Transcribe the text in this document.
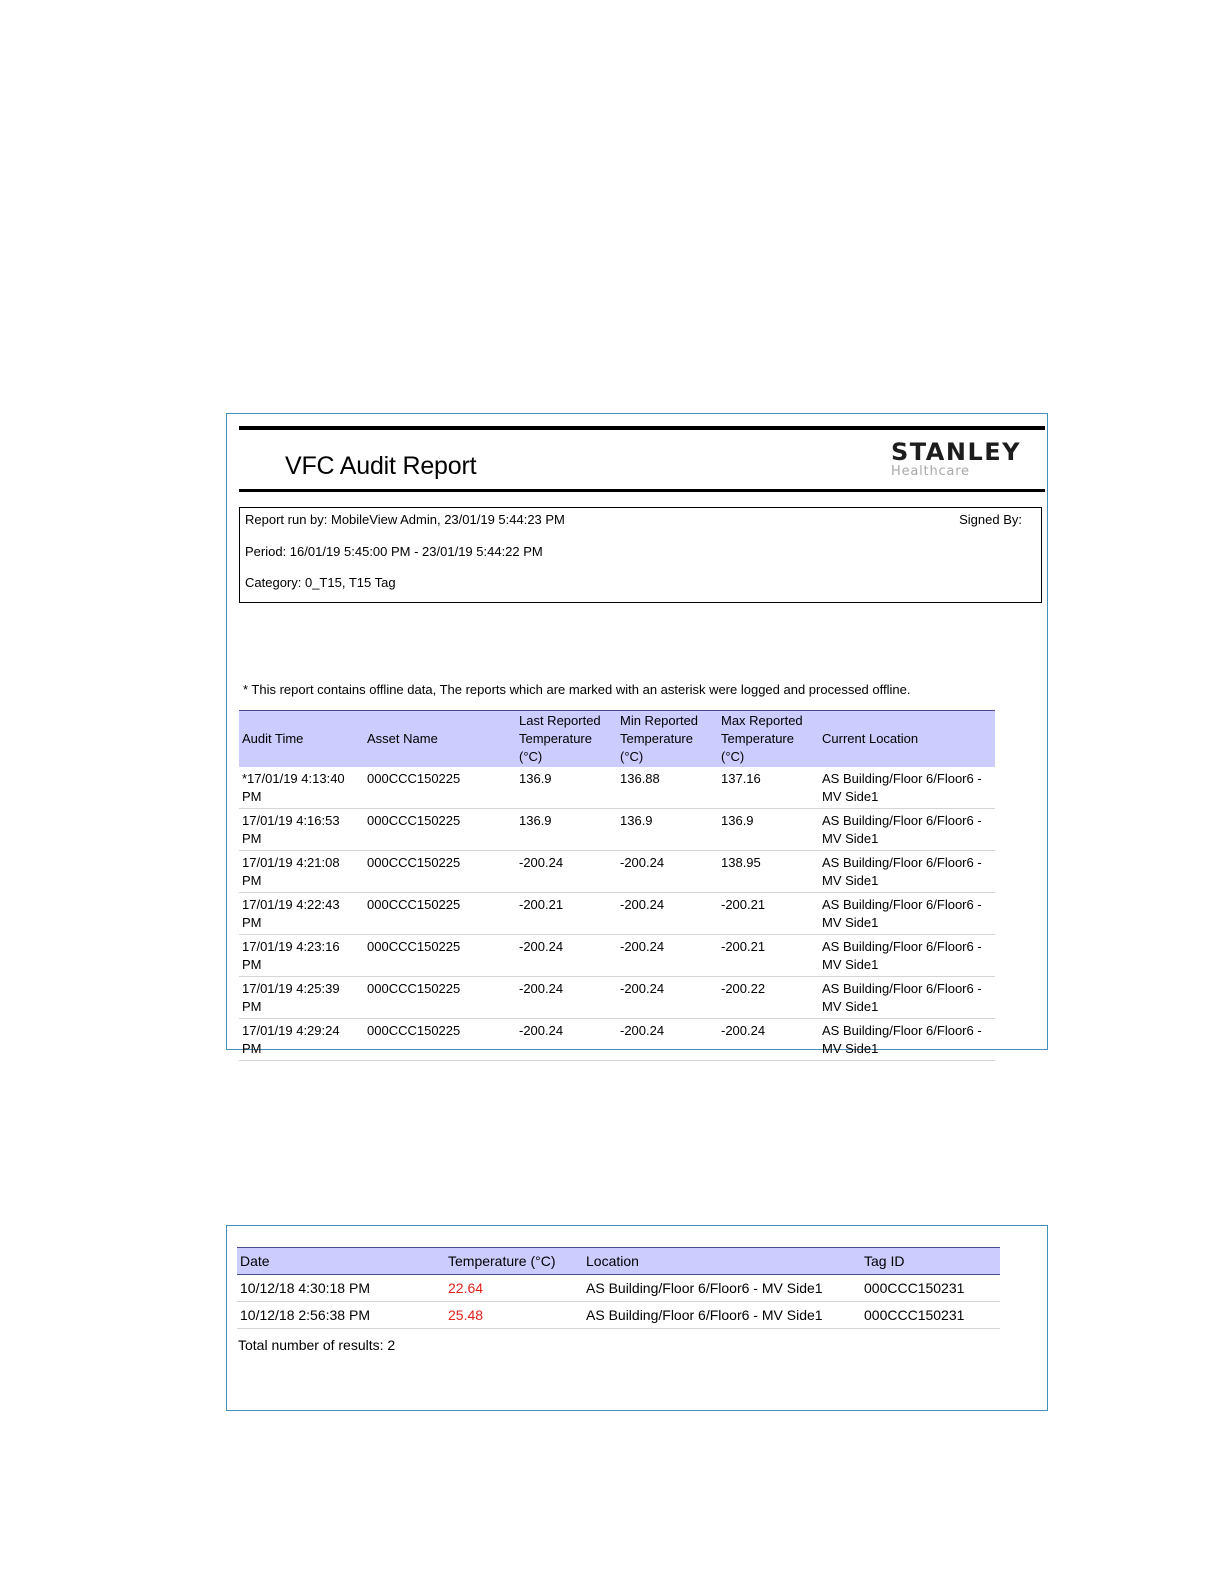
VFC Audit Report	STANLEY
Healthcare
Report run by: MobileView Admin, 23/01/19 5:44:23 PM	Signed By:
Period: 16/01/19 5:45:00 PM - 23/01/19 5:44:22 PM
Category: 0_T15, T15 Tag
* This report contains offline data, The reports which are marked with an asterisk were logged and processed offline.
Audit Time	Asset Name	Last Reported Temperature (°C)	Min Reported Temperature (°C)	Max Reported Temperature (°C)	Current Location
*17/01/19 4:13:40 PM	000CCC150225	136.9	136.88	137.16	AS Building/Floor 6/Floor6 - MV Side1
17/01/19 4:16:53 PM	000CCC150225	136.9	136.9	136.9	AS Building/Floor 6/Floor6 - MV Side1
17/01/19 4:21:08 PM	000CCC150225	-200.24	-200.24	138.95	AS Building/Floor 6/Floor6 - MV Side1
17/01/19 4:22:43 PM	000CCC150225	-200.21	-200.24	-200.21	AS Building/Floor 6/Floor6 - MV Side1
17/01/19 4:23:16 PM	000CCC150225	-200.24	-200.24	-200.21	AS Building/Floor 6/Floor6 - MV Side1
17/01/19 4:25:39 PM	000CCC150225	-200.24	-200.24	-200.22	AS Building/Floor 6/Floor6 - MV Side1
17/01/19 4:29:24 PM	000CCC150225	-200.24	-200.24	-200.24	AS Building/Floor 6/Floor6 - MV Side1
Date	Temperature (°C)	Location	Tag ID
10/12/18 4:30:18 PM	22.64	AS Building/Floor 6/Floor6 - MV Side1	000CCC150231
10/12/18 2:56:38 PM	25.48	AS Building/Floor 6/Floor6 - MV Side1	000CCC150231
Total number of results: 2
